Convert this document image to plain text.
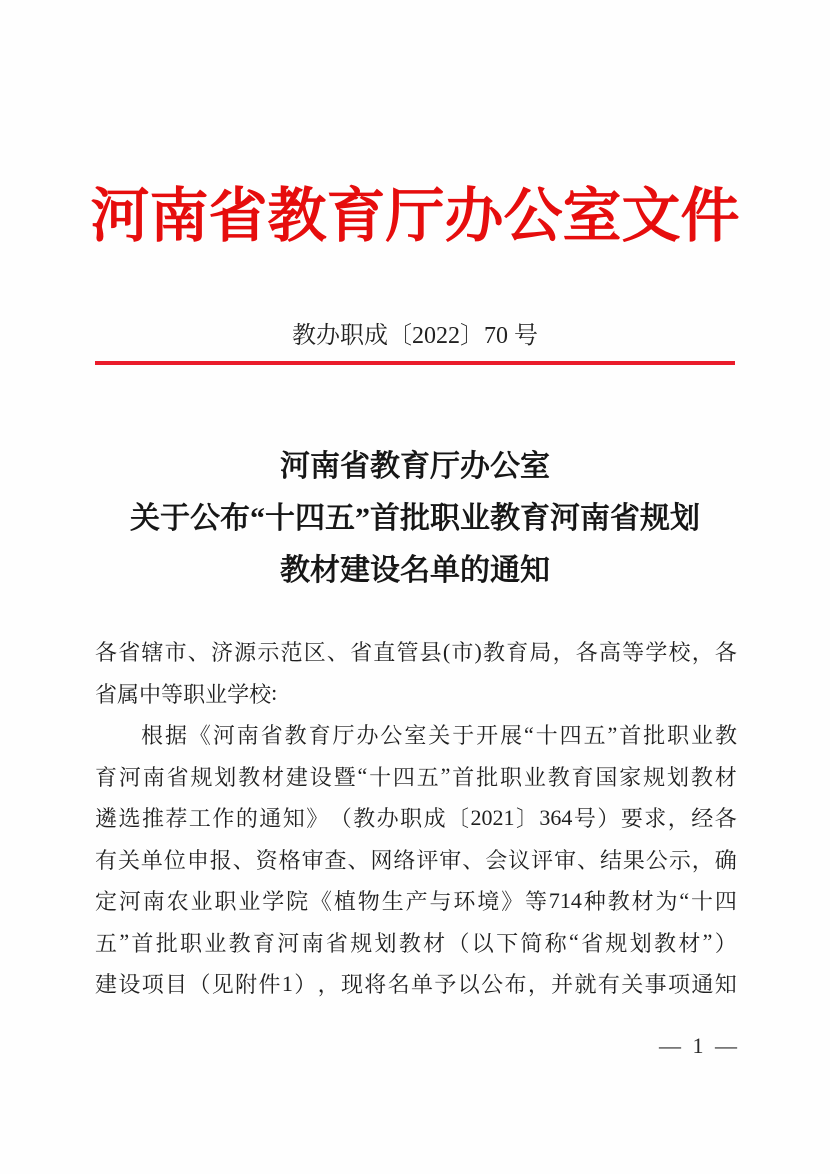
河南省教育厅办公室文件
教办职成〔2022〕70 号
河南省教育厅办公室
关于公布“十四五”首批职业教育河南省规划
教材建设名单的通知
各 省 辖 市 、 济 源 示 范 区 、 省 直 管 县 ( 市 ) 教 育 局 ， 各 高 等 学 校 ， 各
省 属 中 等 职 业 学 校 :
根 据 《 河 南 省 教 育 厅 办 公 室 关 于 开 展 “ 十 四 五 ” 首 批 职 业 教
育 河 南 省 规 划 教 材 建 设 暨 “ 十 四 五 ” 首 批 职 业 教 育 国 家 规 划 教 材
遴 选 推 荐 工 作 的 通 知 》 （ 教 办 职 成 〔 2021 〕 364 号 ） 要 求 ， 经 各
有 关 单 位 申 报 、 资 格 审 查 、 网 络 评 审 、 会 议 评 审 、 结 果 公 示 ， 确
定 河 南 农 业 职 业 学 院 《 植 物 生 产 与 环 境 》 等 714 种 教 材 为 “ 十 四
五 ” 首 批 职 业 教 育 河 南 省 规 划 教 材 （ 以 下 简 称 “ 省 规 划 教 材 ” ）
建 设 项 目 （ 见 附 件 1 ） ， 现 将 名 单 予 以 公 布 ， 并 就 有 关 事 项 通 知
— 1 —
